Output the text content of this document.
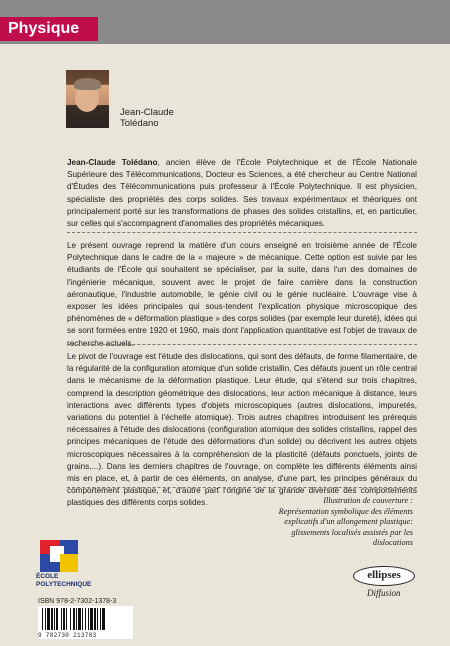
Physique
Jean-Claude
Tolédano
Jean-Claude Tolédano, ancien élève de l'École Polytechnique et de l'École Nationale Supérieure des Télécommunications, Docteur es Sciences, a été chercheur au Centre National d'Études des Télécommunications puis professeur à l'École Polytechnique. Il est physicien, spécialiste des propriétés des corps solides. Ses travaux expérimentaux et théoriques ont principalement porté sur les transformations de phases des solides cristallins, et, en particulier, sur celles qui s'accompagnent d'anomalies des propriétés mécaniques.
Le présent ouvrage reprend la matière d'un cours enseigné en troisième année de l'École Polytechnique dans le cadre de la « majeure » de mécanique. Cette option est suivie par les étudiants de l'École qui souhaitent se spécialiser, par la suite, dans l'un des domaines de l'ingénierie mécanique, souvent avec le projet de faire carrière dans la construction aéronautique, l'industrie automobile, le génie civil ou le génie nucléaire. L'ouvrage vise à exposer les idées principales qui sous-tendent l'explication physique microscopique des phénomènes de « déformation plastique » des corps solides (par exemple leur dureté), idées qui se sont formées entre 1920 et 1960, mais dont l'application quantitative est l'objet de travaux de recherche actuels.
Le pivot de l'ouvrage est l'étude des dislocations, qui sont des défauts, de forme filamentaire, de la régularité de la configuration atomique d'un solide cristallin. Ces défauts jouent un rôle central dans le mécanisme de la déformation plastique. Leur étude, qui s'étend sur trois chapitres, comprend la description géométrique des dislocations, leur action mécanique à distance, leurs interactions avec différents types d'objets microscopiques (autres dislocations, impuretés, variations du potentiel à l'échelle atomique). Trois autres chapitres introduisent les prérequis nécessaires à l'étude des dislocations (configuration atomique des solides cristallins, rappel des principes mécaniques de l'étude des déformations d'un solide) ou décrivent les autres objets microscopiques nécessaires à la compréhension de la plasticité (défauts ponctuels, joints de grains,...). Dans les derniers chapitres de l'ouvrage, on complète les différents éléments ainsi mis en place, et, à partir de ces éléments, on analyse, d'une part, les principes généraux du comportement plastique, et, d'autre part l'origine de la grande diversité des comportements plastiques des différents corps solides.	Illustration de couverture :
Représentation symbolique des éléments explicatifs d'un allongement plastique: glissements localisés assistés par les dislocations
ÉCOLE
POLYTECHNIQUE
ellipses
Diffusion
ISBN 978-2-7302-1378-3
9 782730 213783
